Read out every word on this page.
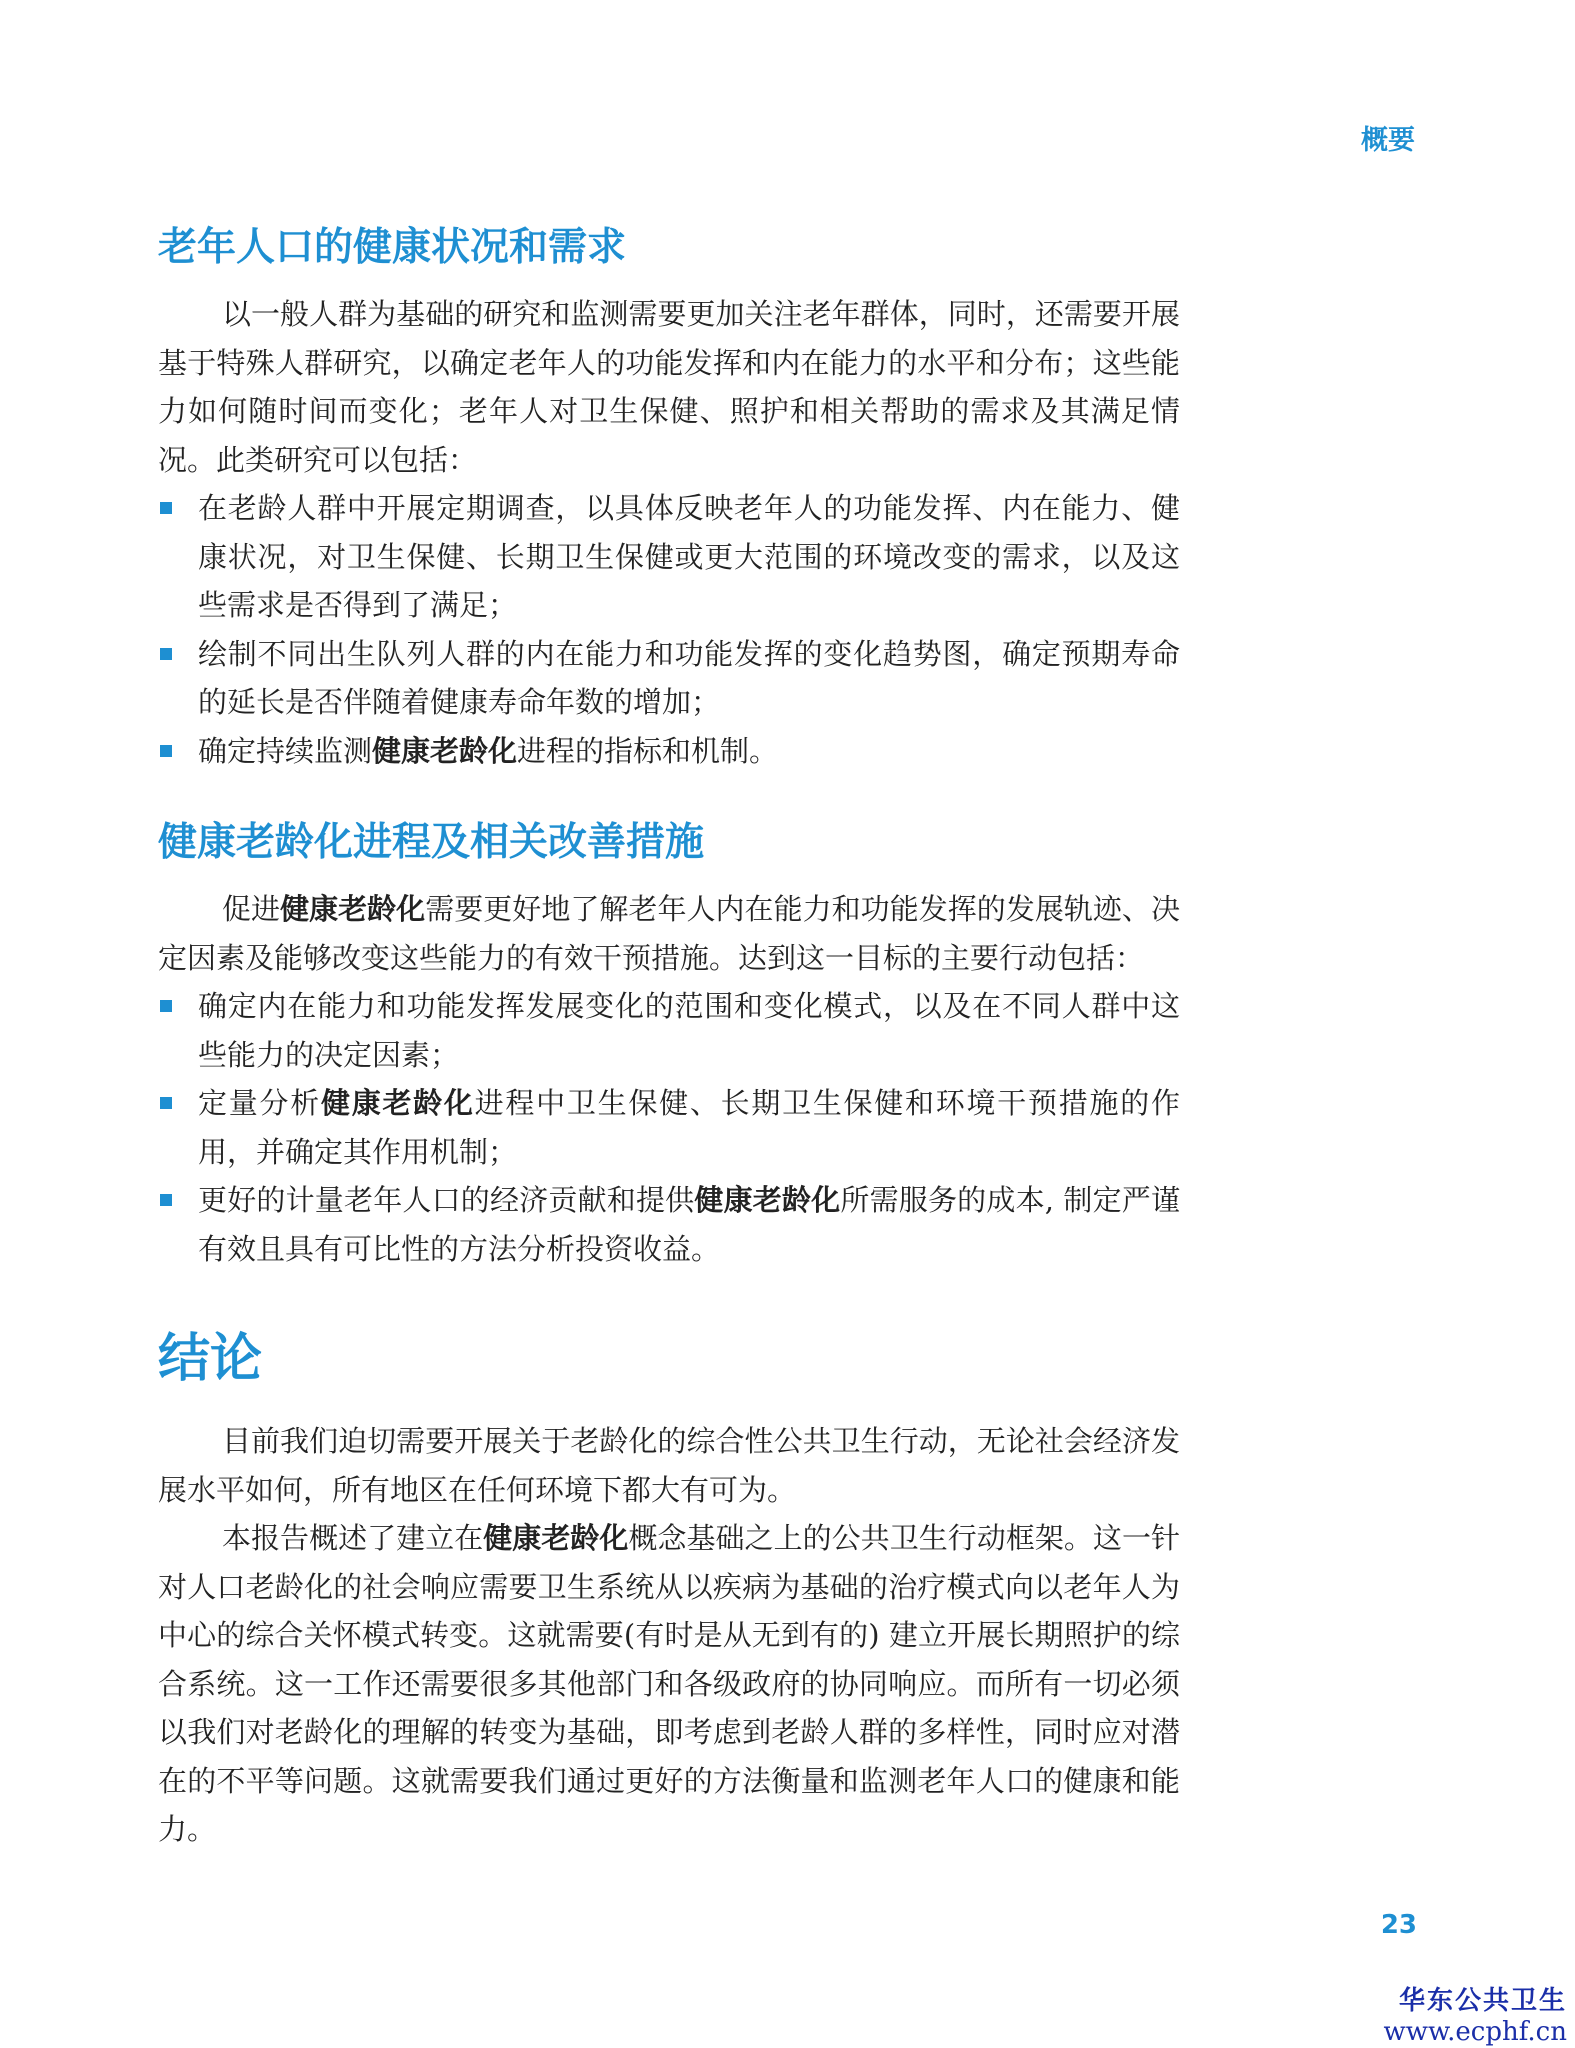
概要
老年人口的健康状况和需求

以一般人群为基础的研究和监测需要更加关注老年群体，同时，还需要开展基于特殊人群研究，以确定老年人的功能发挥和内在能力的水平和分布；这些能力如何随时间而变化；老年人对卫生保健、照护和相关帮助的需求及其满足情况。此类研究可以包括：

在老龄人群中开展定期调查，以具体反映老年人的功能发挥、内在能力、健康状况，对卫生保健、长期卫生保健或更大范围的环境改变的需求，以及这些需求是否得到了满足；
绘制不同出生队列人群的内在能力和功能发挥的变化趋势图，确定预期寿命的延长是否伴随着健康寿命年数的增加；
确定持续监测健康老龄化进程的指标和机制。
健康老龄化进程及相关改善措施

促进健康老龄化需要更好地了解老年人内在能力和功能发挥的发展轨迹、决定因素及能够改变这些能力的有效干预措施。达到这一目标的主要行动包括：

确定内在能力和功能发挥发展变化的范围和变化模式，以及在不同人群中这些能力的决定因素；
定量分析健康老龄化进程中卫生保健、长期卫生保健和环境干预措施的作用，并确定其作用机制；
更好的计量老年人口的经济贡献和提供健康老龄化所需服务的成本, 制定严谨有效且具有可比性的方法分析投资收益。
结论

目前我们迫切需要开展关于老龄化的综合性公共卫生行动，无论社会经济发展水平如何，所有地区在任何环境下都大有可为。

本报告概述了建立在健康老龄化概念基础之上的公共卫生行动框架。这一针对人口老龄化的社会响应需要卫生系统从以疾病为基础的治疗模式向以老年人为中心的综合关怀模式转变。这就需要(有时是从无到有的) 建立开展长期照护的综合系统。这一工作还需要很多其他部门和各级政府的协同响应。而所有一切必须以我们对老龄化的理解的转变为基础，即考虑到老龄人群的多样性，同时应对潜在的不平等问题。这就需要我们通过更好的方法衡量和监测老年人口的健康和能力。

23
华东公共卫生
www.ecphf.cn
